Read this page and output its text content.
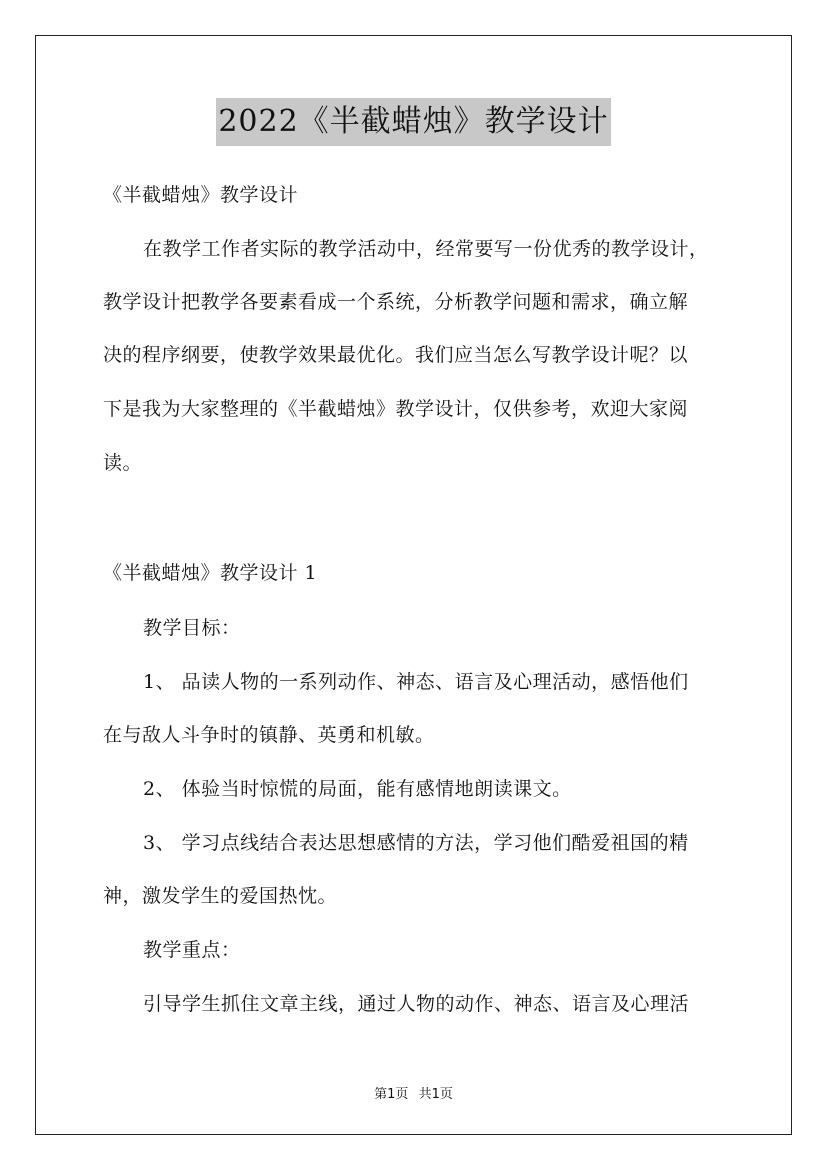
2022《半截蜡烛》教学设计
《半截蜡烛》教学设计
在教学工作者实际的教学活动中，经常要写一份优秀的教学设计，
教学设计把教学各要素看成一个系统，分析教学问题和需求，确立解
决的程序纲要，使教学效果最优化。我们应当怎么写教学设计呢？以
下是我为大家整理的《半截蜡烛》教学设计，仅供参考，欢迎大家阅
读。
《半截蜡烛》教学设计 1
教学目标：
1、 品读人物的一系列动作、神态、语言及心理活动，感悟他们
在与敌人斗争时的镇静、英勇和机敏。
2、 体验当时惊慌的局面，能有感情地朗读课文。
3、 学习点线结合表达思想感情的方法，学习他们酷爱祖国的精
神，激发学生的爱国热忱。
教学重点：
引导学生抓住文章主线，通过人物的动作、神态、语言及心理活
第1页 共1页
